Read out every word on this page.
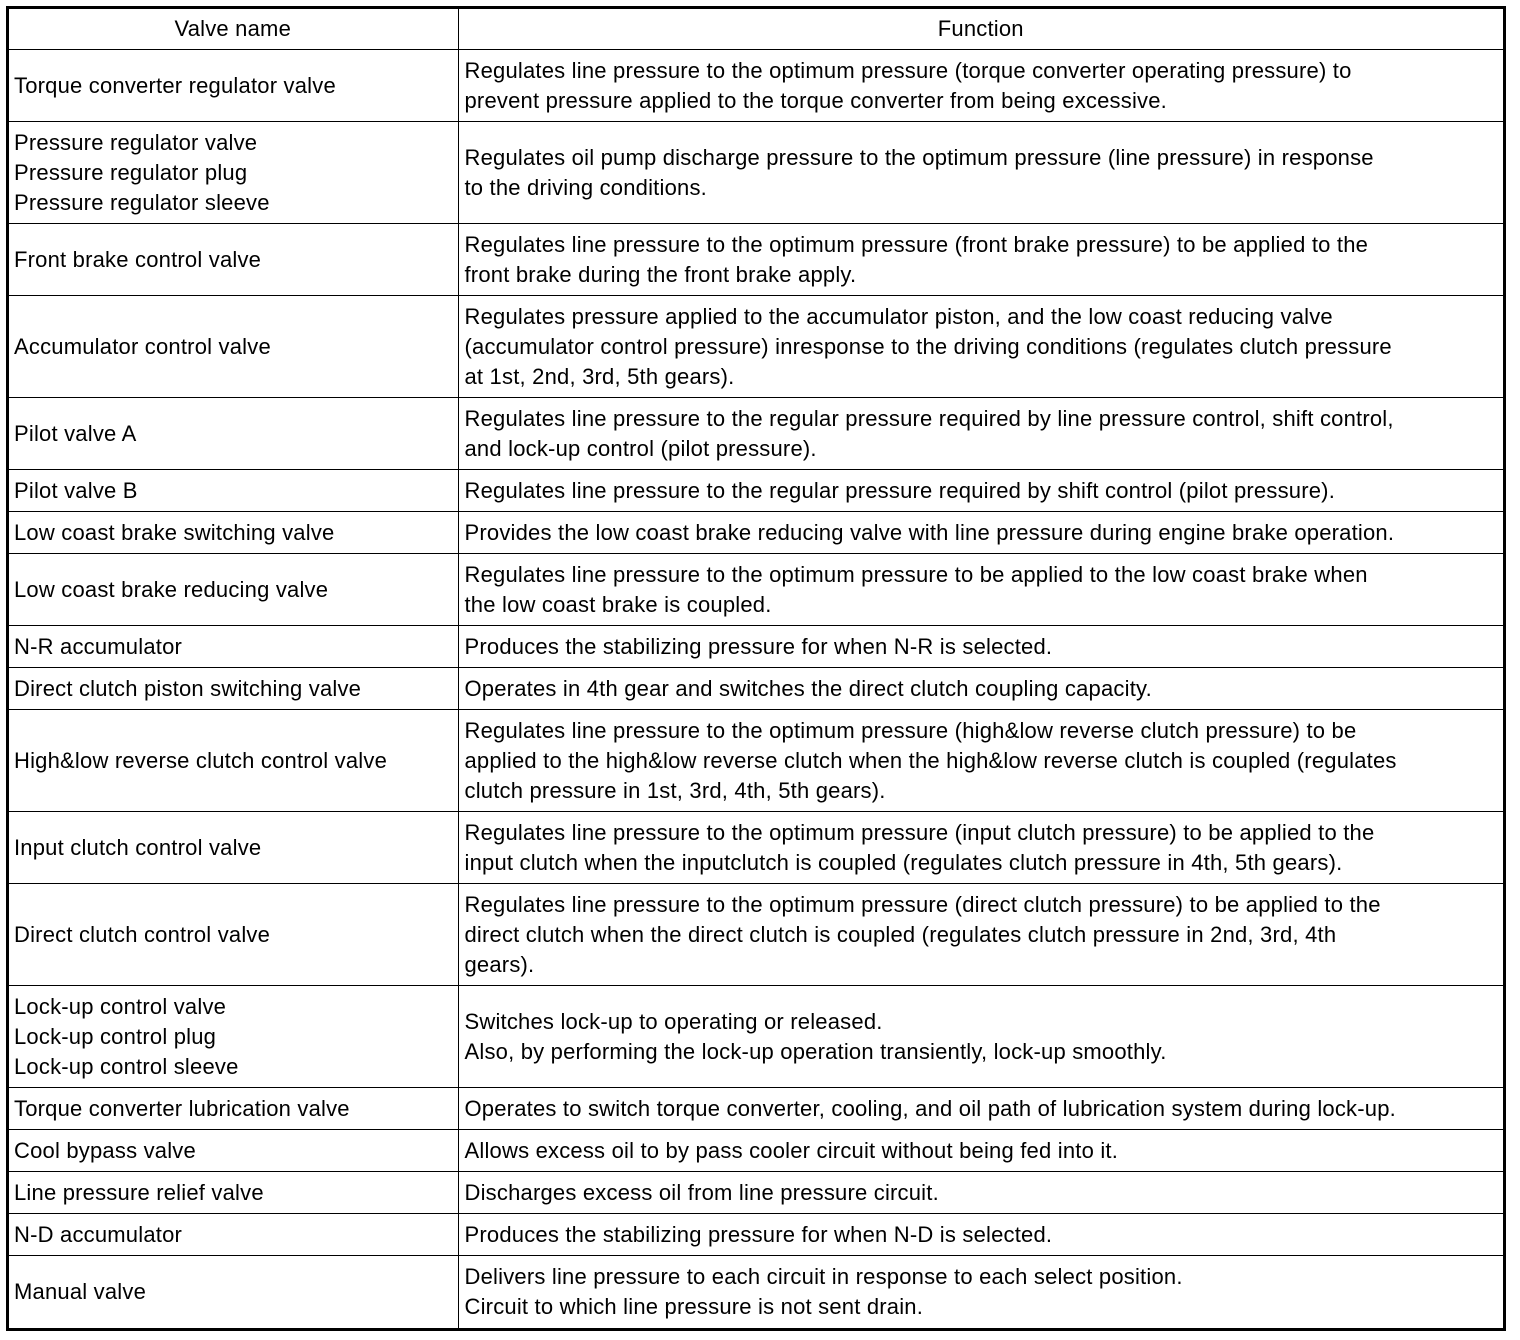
Valve name	Function

Torque converter regulator valve	Regulates line pressure to the optimum pressure (torque converter operating pressure) to
prevent pressure applied to the torque converter from being excessive.

Pressure regulator valve
Pressure regulator plug
Pressure regulator sleeve	Regulates oil pump discharge pressure to the optimum pressure (line pressure) in response
to the driving conditions.

Front brake control valve	Regulates line pressure to the optimum pressure (front brake pressure) to be applied to the
front brake during the front brake apply.

Accumulator control valve	Regulates pressure applied to the accumulator piston, and the low coast reducing valve
(accumulator control pressure) inresponse to the driving conditions (regulates clutch pressure
at 1st, 2nd, 3rd, 5th gears).

Pilot valve A	Regulates line pressure to the regular pressure required by line pressure control, shift control,
and lock-up control (pilot pressure).

Pilot valve B	Regulates line pressure to the regular pressure required by shift control (pilot pressure).

Low coast brake switching valve	Provides the low coast brake reducing valve with line pressure during engine brake operation.

Low coast brake reducing valve	Regulates line pressure to the optimum pressure to be applied to the low coast brake when
the low coast brake is coupled.

N-R accumulator	Produces the stabilizing pressure for when N-R is selected.

Direct clutch piston switching valve	Operates in 4th gear and switches the direct clutch coupling capacity.

High&low reverse clutch control valve	Regulates line pressure to the optimum pressure (high&low reverse clutch pressure) to be
applied to the high&low reverse clutch when the high&low reverse clutch is coupled (regulates
clutch pressure in 1st, 3rd, 4th, 5th gears).

Input clutch control valve	Regulates line pressure to the optimum pressure (input clutch pressure) to be applied to the
input clutch when the inputclutch is coupled (regulates clutch pressure in 4th, 5th gears).

Direct clutch control valve	Regulates line pressure to the optimum pressure (direct clutch pressure) to be applied to the
direct clutch when the direct clutch is coupled (regulates clutch pressure in 2nd, 3rd, 4th
gears).

Lock-up control valve
Lock-up control plug
Lock-up control sleeve	Switches lock-up to operating or released.
Also, by performing the lock-up operation transiently, lock-up smoothly.

Torque converter lubrication valve	Operates to switch torque converter, cooling, and oil path of lubrication system during lock-up.

Cool bypass valve	Allows excess oil to by pass cooler circuit without being fed into it.

Line pressure relief valve	Discharges excess oil from line pressure circuit.

N-D accumulator	Produces the stabilizing pressure for when N-D is selected.

Manual valve	Delivers line pressure to each circuit in response to each select position.
Circuit to which line pressure is not sent drain.
